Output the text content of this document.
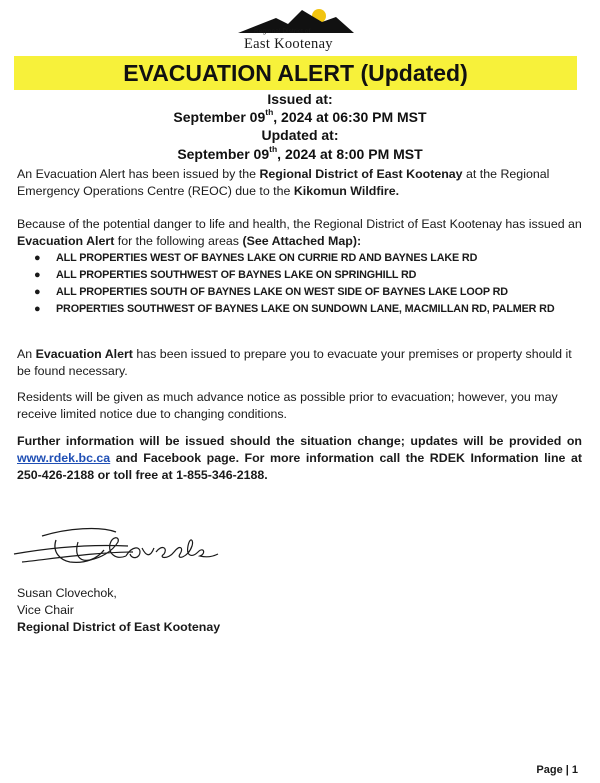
Regional District of
East Kootenay
EVACUATION ALERT (Updated)
Issued at:
September 09th, 2024 at 06:30 PM MST
Updated at:
September 09th, 2024 at 8:00 PM MST
An Evacuation Alert has been issued by the Regional District of East Kootenay at the Regional Emergency Operations Centre (REOC) due to the Kikomun Wildfire.
Because of the potential danger to life and health, the Regional District of East Kootenay has issued an Evacuation Alert for the following areas (See Attached Map):
● ALL PROPERTIES WEST OF BAYNES LAKE ON CURRIE RD AND BAYNES LAKE RD
● ALL PROPERTIES SOUTHWEST OF BAYNES LAKE ON SPRINGHILL RD
● ALL PROPERTIES SOUTH OF BAYNES LAKE ON WEST SIDE OF BAYNES LAKE LOOP RD
● PROPERTIES SOUTHWEST OF BAYNES LAKE ON SUNDOWN LANE, MACMILLAN RD, PALMER RD
An Evacuation Alert has been issued to prepare you to evacuate your premises or property should it be found necessary.
Residents will be given as much advance notice as possible prior to evacuation; however, you may receive limited notice due to changing conditions.
Further information will be issued should the situation change; updates will be provided on www.rdek.bc.ca and Facebook page. For more information call the RDEK Information line at 250-426-2188 or toll free at 1-855-346-2188.
Susan Clovechok,
Vice Chair
Regional District of East Kootenay
Page | 1
